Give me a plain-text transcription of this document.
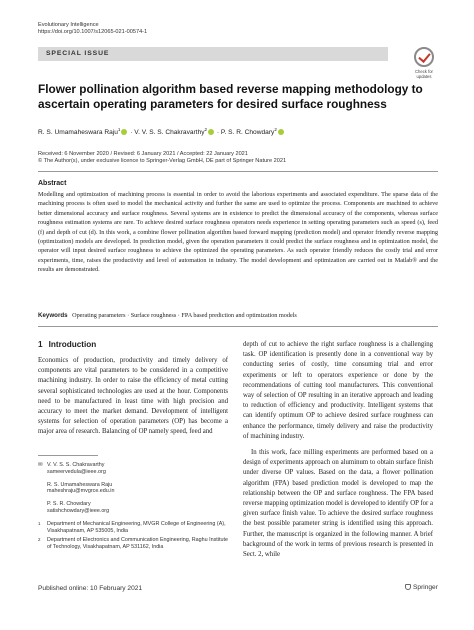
Evolutionary Intelligence
https://doi.org/10.1007/s12065-021-00574-1
SPECIAL ISSUE
Check for
updates
Flower pollination algorithm based reverse mapping methodology to ascertain operating parameters for desired surface roughness
R. S. Umamaheswara Raju$^1$ · V. V. S. S. Chakravarthy$^2$ · P. S. R. Chowdary$^2$
Received: 6 November 2020 / Revised: 6 January 2021 / Accepted: 22 January 2021
© The Author(s), under exclusive licence to Springer-Verlag GmbH, DE part of Springer Nature 2021
Abstract
Modelling and optimization of machining process is essential in order to avoid the laborious experiments and associated expenditure. The sparse data of the machining process is often used to model the mechanical activity and further the same are used to optimize the process. Components are machined to achieve better dimensional accuracy and surface roughness. Several systems are in existence to predict the dimensional accuracy of the components, whereas surface roughness estimation systems are rare. To achieve desired surface roughness operators needs experience in setting operating parameters such as speed (s), feed (f) and depth of cut (d). In this work, a combine flower pollination algorithm based forward mapping (prediction model) and operator friendly reverse mapping (optimization) models are developed. In prediction model, given the operation parameters it could predict the surface roughness and in optimization model, the operator will input desired surface roughness to achieve the optimized the operating parameters. As such operator friendly reduces the costly trial and error experiments, time, raises the productivity and level of automation in industry. The model development and optimization are carried out in Matlab® and the results are demonstrated.
Keywords Operating parameters · Surface roughness · FPA based prediction and optimization models
1 Introduction
Economics of production, productivity and timely delivery of components are vital parameters to be considered in a competitive machining industry. In order to raise the efficiency of metal cutting several sophisticated technologies are used at the hour. Components need to be manufactured in least time with high precision and accuracy to meet the market demand. Development of intelligent systems for selection of operation parameters (OP) has become a major area of research. Balancing of OP namely speed, feed and
✉ V. V. S. S. Chakravarthy
sameervedula@ieee.org
R. S. Umamaheswara Raju
maheshraju@mvgrce.edu.in
P. S. R. Chowdary
satishchowdary@ieee.org
1	Department of Mechanical Engineering, MVGR College of Engineering (A), Visakhapatnam, AP 535005, India
2	Department of Electronics and Communication Engineering, Raghu Institute of Technology, Visakhapatnam, AP 531162, India
depth of cut to achieve the right surface roughness is a challenging task. OP identification is presently done in a conventional way by conducting series of costly, time consuming trial and error experiments or left to operators experience or done by the recommendations of cutting tool manufacturers. This conventional way of selection of OP resulting in an iterative approach and leading to reduction of efficiency and productivity. Intelligent systems that can identify optimum OP to achieve desired surface roughness can enhance the performance, timely delivery and raise the productivity of machining industry.
In this work, face milling experiments are performed based on a design of experiments approach on aluminum to obtain surface finish under diverse OP values. Based on the data, a flower pollination algorithm (FPA) based prediction model is developed to map the relationship between the OP and surface roughness. The FPA based reverse mapping optimization model is developed to identify OP for a given surface finish value. To achieve the desired surface roughness the best possible parameter string is identified using this approach. Further, the manuscript is organized in the following manner. A brief background of the work in terms of previous research is presented in Sect. 2, while
Published online: 10 February 2021	Springer
